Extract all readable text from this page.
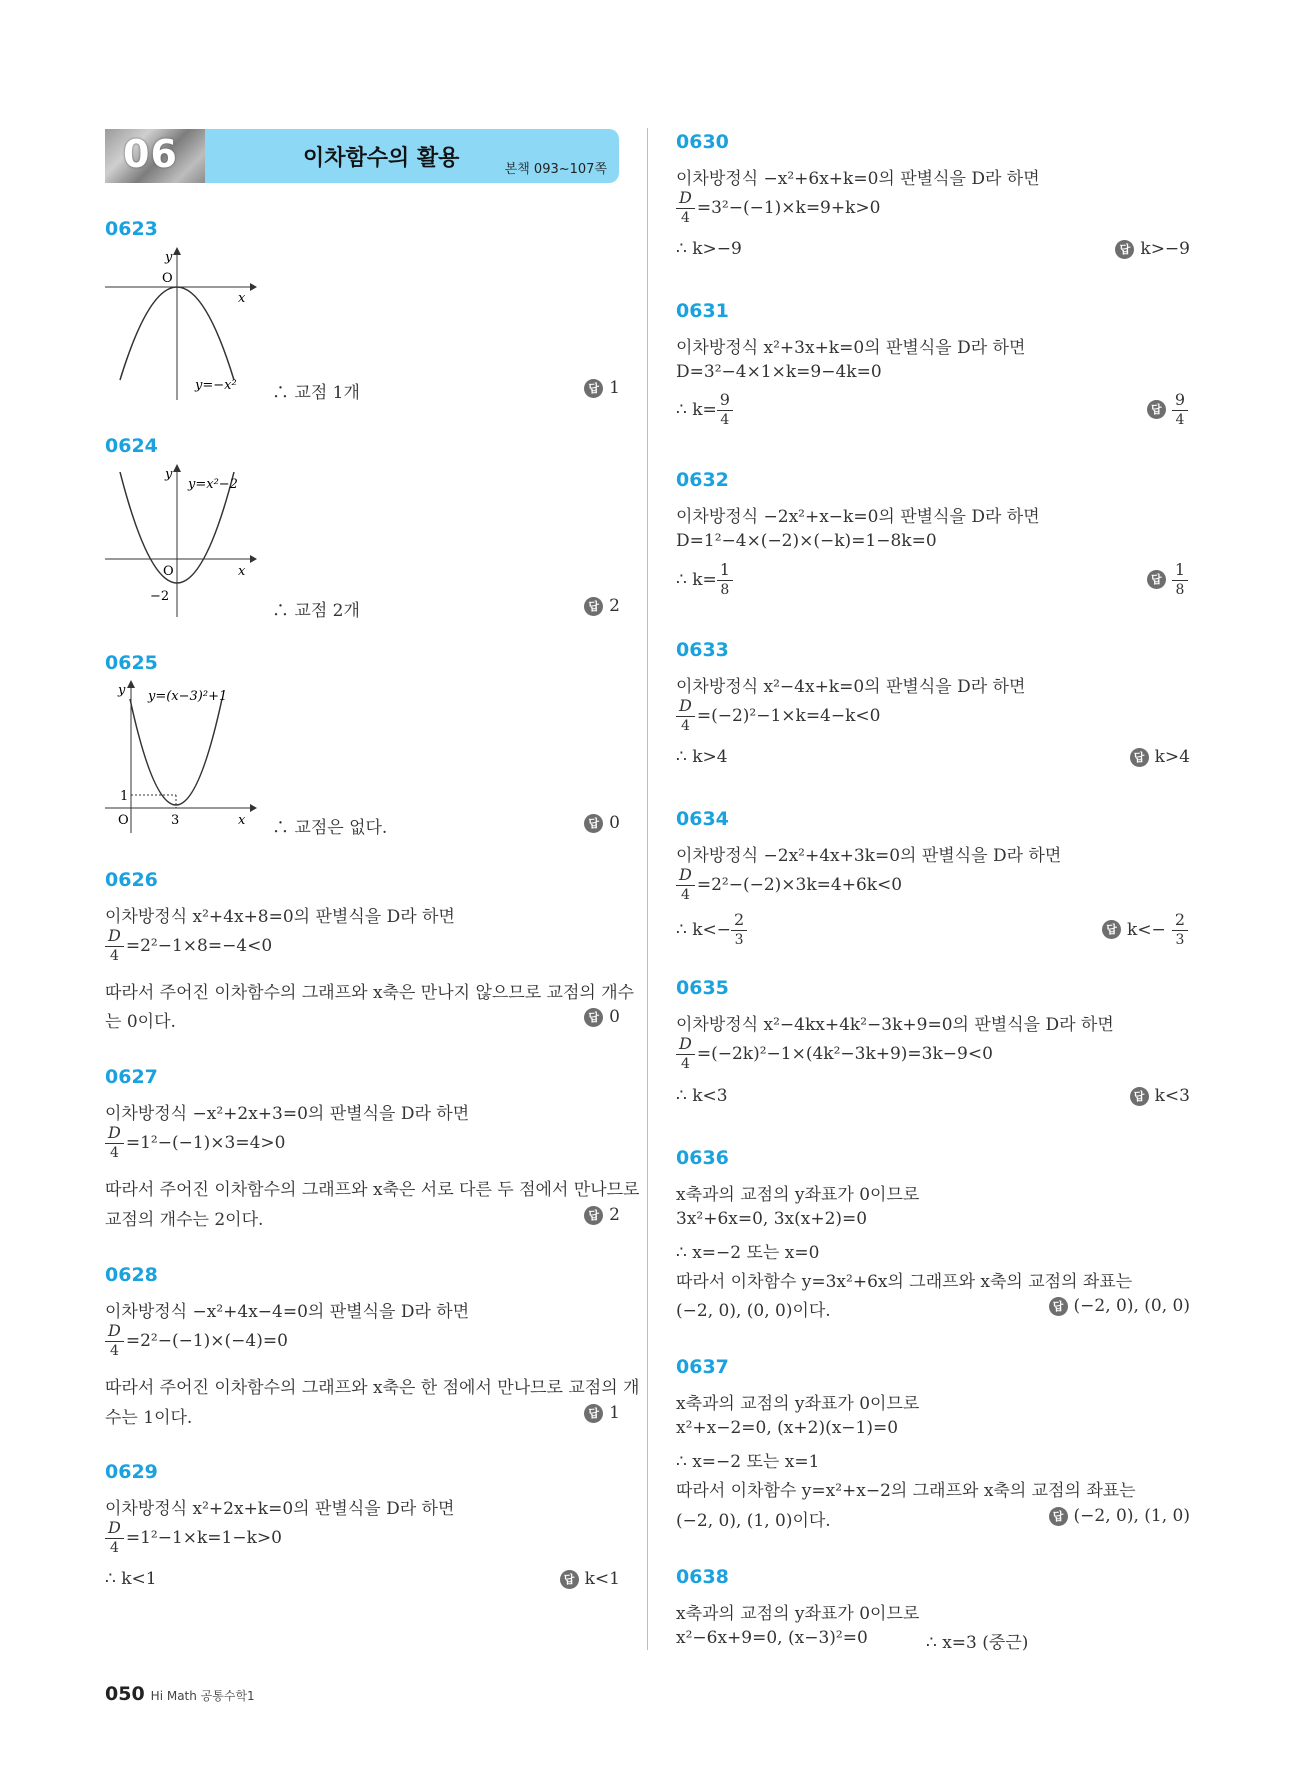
06	이차함수의 활용	본책 093~107쪽
0623
y
O
x
y=−x² ∴ 교점 1개	답 1
0624
y
O	x
−2
y=x²−2
∴ 교점 2개	답 2
0625
y
O
1
3	x
y=(x−3)²+1
∴ 교점은 없다.	답 0
0626
이차방정식 x²+4x+8=0의 판별식을 D라 하면
$\frac{D}{4} =2^2-1\times 8=-4<0$
따라서 주어진 이차함수의 그래프와 x축은 만나지 않으므로 교점의 개수
는 0이다.	답 0
0627
이차방정식 −x²+2x+3=0의 판별식을 D라 하면
$\frac{D}{4} =1^2-(-1)\times 3=4>0$
따라서 주어진 이차함수의 그래프와 x축은 서로 다른 두 점에서 만나므로
교점의 개수는 2이다.	답 2
0628
이차방정식 −x²+4x−4=0의 판별식을 D라 하면
$\frac{D}{4} =2^2-(-1)\times(-4)=0$
따라서 주어진 이차함수의 그래프와 x축은 한 점에서 만나므로 교점의 개
수는 1이다.	답 1
0629
이차방정식 x²+2x+k=0의 판별식을 D라 하면
$\frac{D}{4} =1^2-1\times k=1-k>0$
∴ k<1	답 k<1
0630
이차방정식 −x²+6x+k=0의 판별식을 D라 하면
$\frac{D}{4} =3^2-(-1)\times k=9+k>0$
∴ k>−9	답 k>−9
0631
이차방정식 x²+3x+k=0의 판별식을 D라 하면
D=3²−4×1×k=9−4k=0
∴ $k= \frac{9}{4}$	답 $\frac{9}{4}$
0632
이차방정식 −2x²+x−k=0의 판별식을 D라 하면
D=1²−4×(−2)×(−k)=1−8k=0
∴ $k= \frac{1}{8}$	답 $\frac{1}{8}$
0633
이차방정식 x²−4x+k=0의 판별식을 D라 하면
$\frac{D}{4} =(-2)^2-1\times k=4-k<0$
∴ k>4	답 k>4
0634
이차방정식 −2x²+4x+3k=0의 판별식을 D라 하면
$\frac{D}{4} =2^2-(-2)\times 3k=4+6k<0$
∴ $k<- \frac{2}{3}$	답 $k<- \frac{2}{3}$
0635
이차방정식 x²−4kx+4k²−3k+9=0의 판별식을 D라 하면
$\frac{D}{4} =(-2k)^2-1\times(4k^2-3k+9)=3k-9<0$
∴ k<3	답 k<3
0636
x축과의 교점의 y좌표가 0이므로
3x²+6x=0, 3x(x+2)=0
∴ x=−2 또는 x=0
따라서 이차함수 y=3x²+6x의 그래프와 x축의 교점의 좌표는
(−2, 0), (0, 0)이다.	답 (−2, 0), (0, 0)
0637
x축과의 교점의 y좌표가 0이므로
x²+x−2=0, (x+2)(x−1)=0
∴ x=−2 또는 x=1
따라서 이차함수 y=x²+x−2의 그래프와 x축의 교점의 좌표는
(−2, 0), (1, 0)이다.	답 (−2, 0), (1, 0)
0638
x축과의 교점의 y좌표가 0이므로
x²−6x+9=0, (x−3)²=0	∴ x=3 (중근)
050 Hi Math 공통수학1
